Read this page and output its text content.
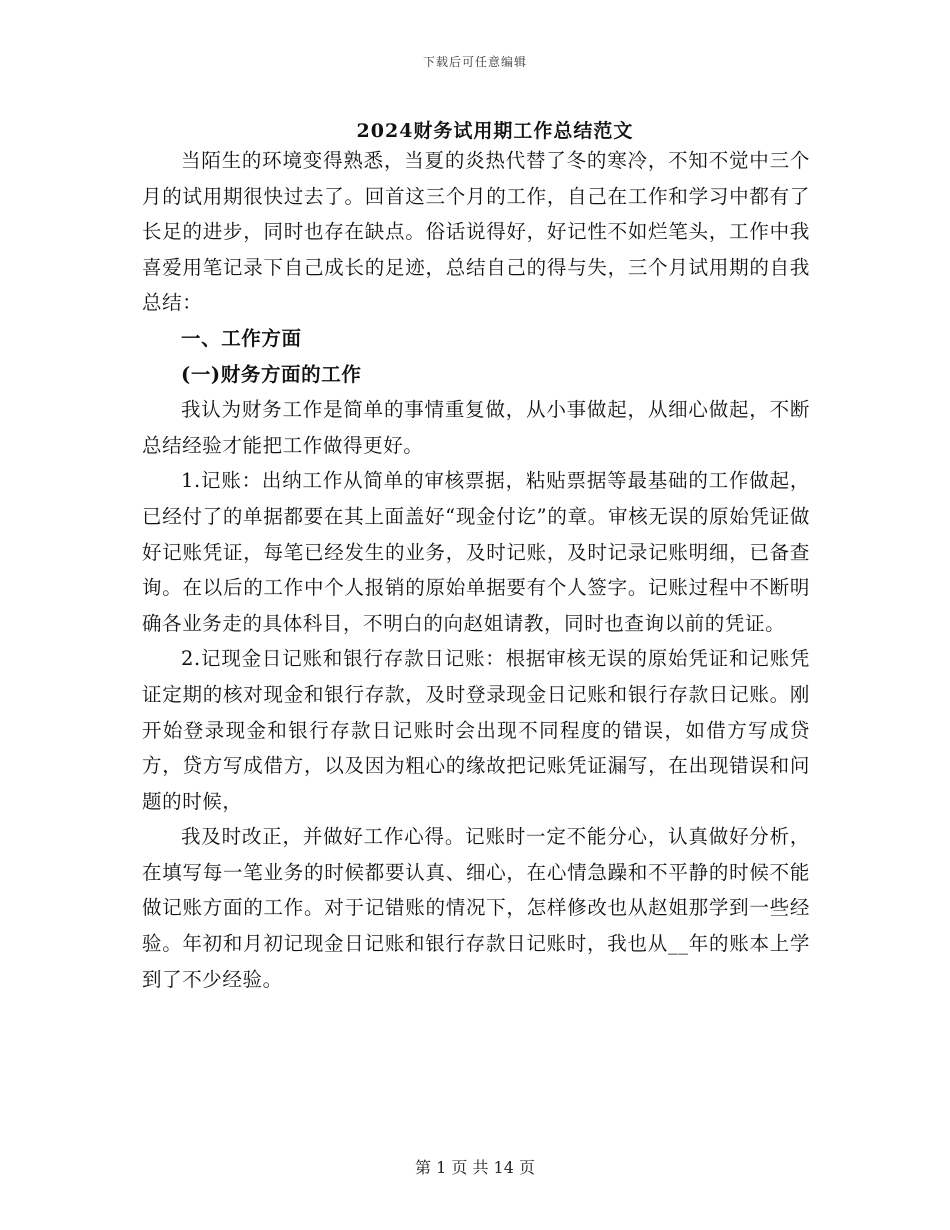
下载后可任意编辑
2024财务试用期工作总结范文

当陌生的环境变得熟悉，当夏的炎热代替了冬的寒冷，不知不觉中三个月的试用期很快过去了。回首这三个月的工作，自己在工作和学习中都有了长足的进步，同时也存在缺点。俗话说得好，好记性不如烂笔头，工作中我喜爱用笔记录下自己成长的足迹，总结自己的得与失，三个月试用期的自我总结：

一、工作方面

(一)财务方面的工作

我认为财务工作是简单的事情重复做，从小事做起，从细心做起，不断总结经验才能把工作做得更好。

1.记账：出纳工作从简单的审核票据，粘贴票据等最基础的工作做起，已经付了的单据都要在其上面盖好“现金付讫”的章。审核无误的原始凭证做好记账凭证，每笔已经发生的业务，及时记账，及时记录记账明细，已备查询。在以后的工作中个人报销的原始单据要有个人签字。记账过程中不断明确各业务走的具体科目，不明白的向赵姐请教，同时也查询以前的凭证。

2.记现金日记账和银行存款日记账：根据审核无误的原始凭证和记账凭证定期的核对现金和银行存款，及时登录现金日记账和银行存款日记账。刚开始登录现金和银行存款日记账时会出现不同程度的错误，如借方写成贷方，贷方写成借方，以及因为粗心的缘故把记账凭证漏写，在出现错误和问题的时候，

我及时改正，并做好工作心得。记账时一定不能分心，认真做好分析，在填写每一笔业务的时候都要认真、细心，在心情急躁和不平静的时候不能做记账方面的工作。对于记错账的情况下，怎样修改也从赵姐那学到一些经验。年初和月初记现金日记账和银行存款日记账时，我也从__年的账本上学到了不少经验。

第 1 页 共 14 页
